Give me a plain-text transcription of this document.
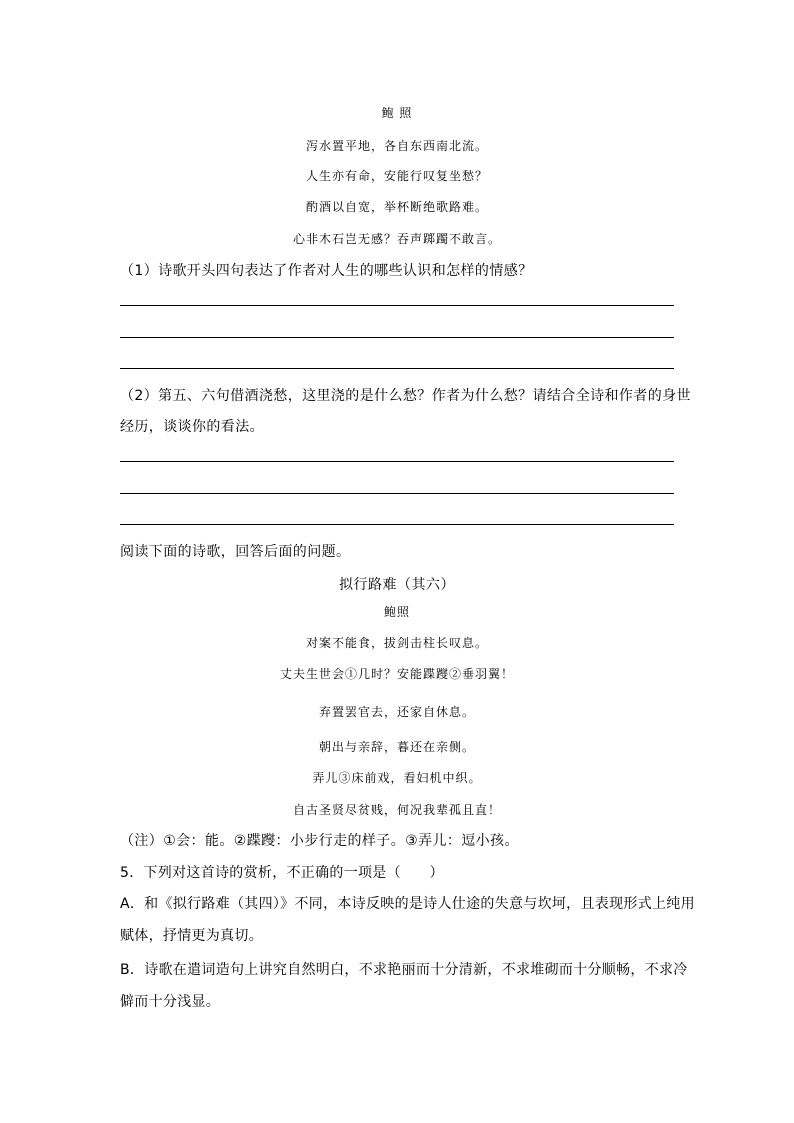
鲍 照
泻水置平地，各自东西南北流。
人生亦有命，安能行叹复坐愁？
酌酒以自宽，举杯断绝歌路难。
心非木石岂无感？吞声踯躅不敢言。
（1）诗歌开头四句表达了作者对人生的哪些认识和怎样的情感？
（2）第五、六句借酒浇愁，这里浇的是什么愁？作者为什么愁？请结合全诗和作者的身世
经历，谈谈你的看法。
阅读下面的诗歌，回答后面的问题。
拟行路难（其六）
鲍照
对案不能食，拔剑击柱长叹息。
丈夫生世会①几时？安能蹀躞②垂羽翼！
弃置罢官去，还家自休息。
朝出与亲辞，暮还在亲侧。
弄儿③床前戏，看妇机中织。
自古圣贤尽贫贱，何况我辈孤且直！
（注）①会：能。②蹀躞：小步行走的样子。③弄儿：逗小孩。
5．下列对这首诗的赏析，不正确的一项是（　　）
A．和《拟行路难（其四）》不同，本诗反映的是诗人仕途的失意与坎坷，且表现形式上纯用
赋体，抒情更为真切。
B．诗歌在遣词造句上讲究自然明白，不求艳丽而十分清新，不求堆砌而十分顺畅，不求冷
僻而十分浅显。
